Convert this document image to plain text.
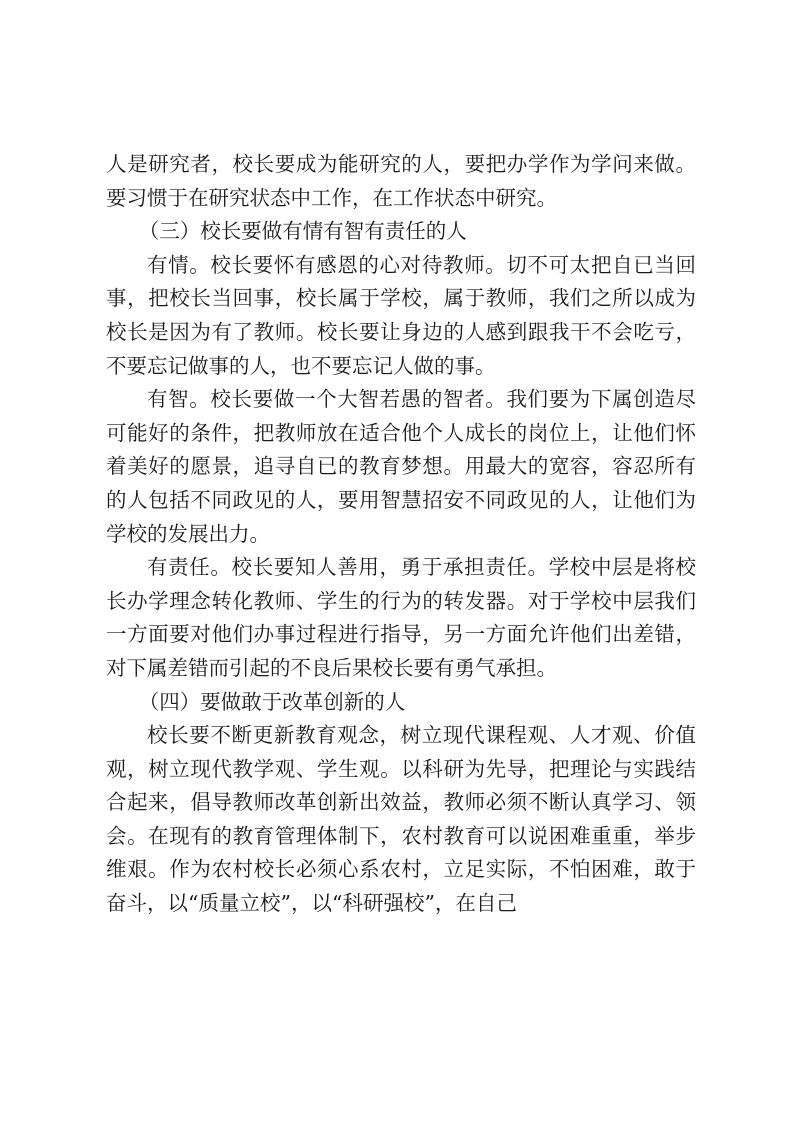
人是研究者，校长要成为能研究的人，要把办学作为学问来做。要习惯于在研究状态中工作，在工作状态中研究。

（三）校长要做有情有智有责任的人

有情。校长要怀有感恩的心对待教师。切不可太把自已当回事，把校长当回事，校长属于学校，属于教师，我们之所以成为校长是因为有了教师。校长要让身边的人感到跟我干不会吃亏，不要忘记做事的人，也不要忘记人做的事。

有智。校长要做一个大智若愚的智者。我们要为下属创造尽可能好的条件，把教师放在适合他个人成长的岗位上，让他们怀着美好的愿景，追寻自已的教育梦想。用最大的宽容，容忍所有的人包括不同政见的人，要用智慧招安不同政见的人，让他们为学校的发展出力。

有责任。校长要知人善用，勇于承担责任。学校中层是将校长办学理念转化教师、学生的行为的转发器。对于学校中层我们一方面要对他们办事过程进行指导，另一方面允许他们出差错，对下属差错而引起的不良后果校长要有勇气承担。

（四）要做敢于改革创新的人

校长要不断更新教育观念，树立现代课程观、人才观、价值观，树立现代教学观、学生观。以科研为先导，把理论与实践结合起来，倡导教师改革创新出效益，教师必须不断认真学习、领会。在现有的教育管理体制下，农村教育可以说困难重重，举步维艰。作为农村校长必须心系农村，立足实际，不怕困难，敢于奋斗，以“质量立校”，以“科研强校”，在自己
